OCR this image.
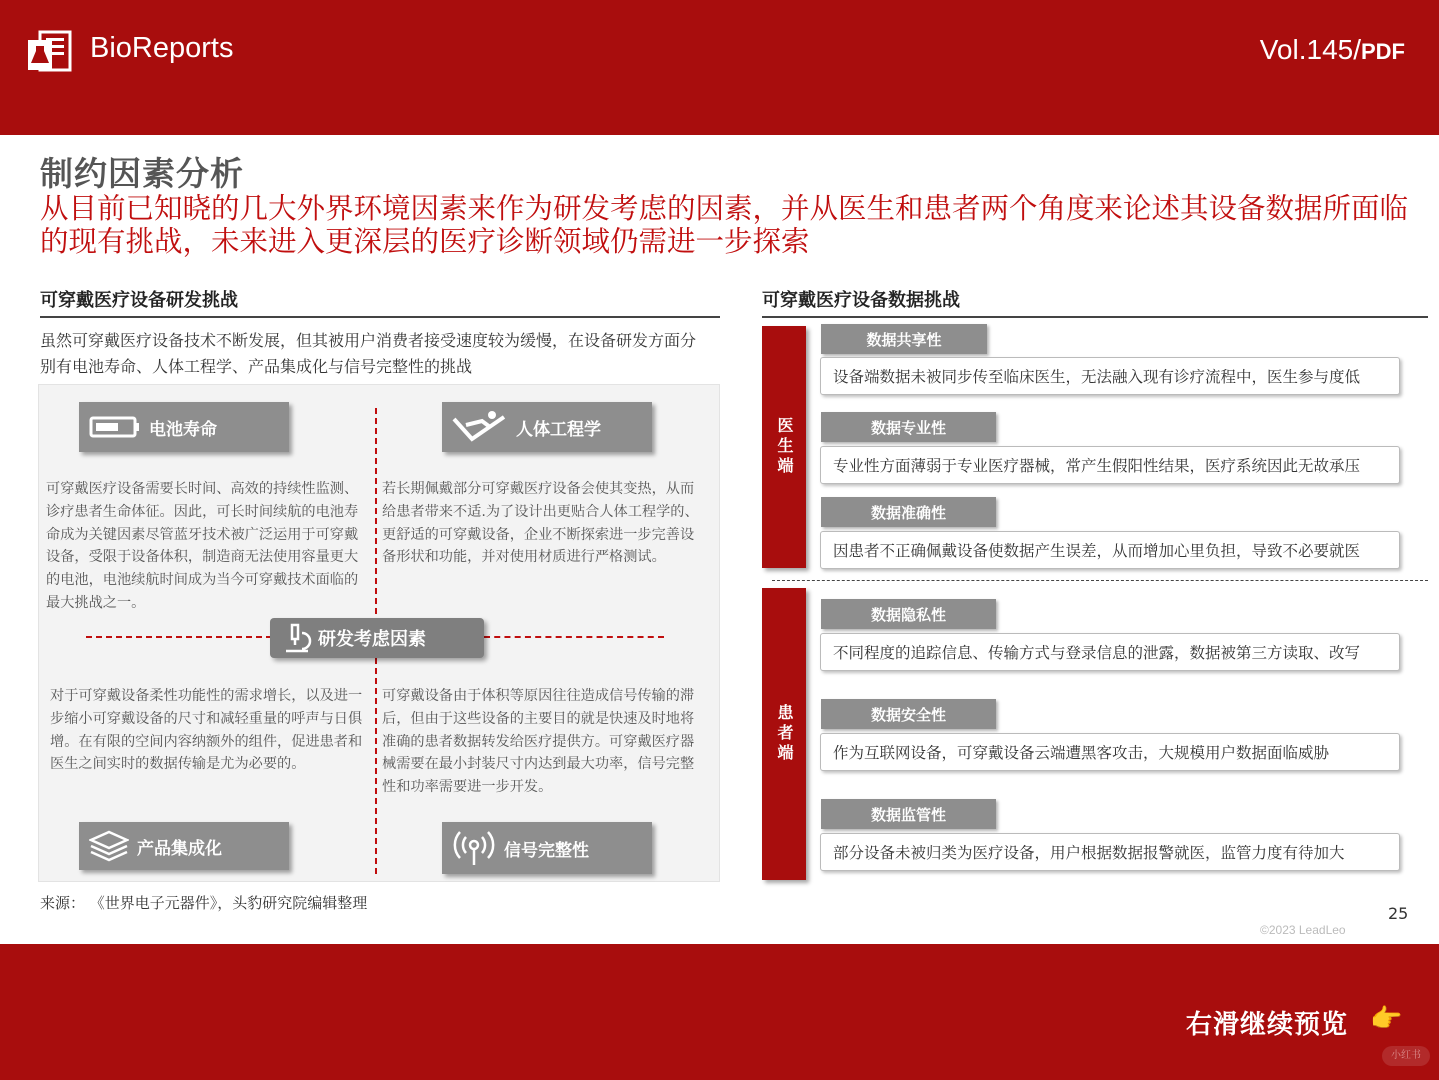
BioReports	Vol.145/PDF
制约因素分析
从目前已知晓的几大外界环境因素来作为研发考虑的因素，并从医生和患者两个角度来论述其设备数据所面临的现有挑战，未来进入更深层的医疗诊断领域仍需进一步探索
可穿戴医疗设备研发挑战
虽然可穿戴医疗设备技术不断发展，但其被用户消费者接受速度较为缓慢，在设备研发方面分别有电池寿命、人体工程学、产品集成化与信号完整性的挑战
电池寿命
可穿戴医疗设备需要长时间、高效的持续性监测、诊疗患者生命体征。因此，可长时间续航的电池寿命成为关键因素尽管蓝牙技术被广泛运用于可穿戴设备，受限于设备体积，制造商无法使用容量更大的电池，电池续航时间成为当今可穿戴技术面临的最大挑战之一。
人体工程学
若长期佩戴部分可穿戴医疗设备会使其变热，从而给患者带来不适.为了设计出更贴合人体工程学的、更舒适的可穿戴设备，企业不断探索进一步完善设备形状和功能，并对使用材质进行严格测试。
研发考虑因素
对于可穿戴设备柔性功能性的需求增长，以及进一步缩小可穿戴设备的尺寸和减轻重量的呼声与日俱增。在有限的空间内容纳额外的组件，促进患者和医生之间实时的数据传输是尤为必要的。
产品集成化
可穿戴设备由于体积等原因往往造成信号传输的滞后，但由于这些设备的主要目的就是快速及时地将准确的患者数据转发给医疗提供方。可穿戴医疗器械需要在最小封装尺寸内达到最大功率，信号完整性和功率需要进一步开发。
信号完整性
可穿戴医疗设备数据挑战
医生端
数据共享性
设备端数据未被同步传至临床医生，无法融入现有诊疗流程中，医生参与度低
数据专业性
专业性方面薄弱于专业医疗器械，常产生假阳性结果，医疗系统因此无故承压
数据准确性
因患者不正确佩戴设备使数据产生误差，从而增加心里负担，导致不必要就医
患者端
数据隐私性
不同程度的追踪信息、传输方式与登录信息的泄露，数据被第三方读取、改写
数据安全性
作为互联网设备，可穿戴设备云端遭黑客攻击，大规模用户数据面临威胁
数据监管性
部分设备未被归类为医疗设备，用户根据数据报警就医，监管力度有待加大
来源： 《世界电子元器件》，头豹研究院编辑整理
25
©2023 LeadLeo
右滑继续预览 👉
小红书
